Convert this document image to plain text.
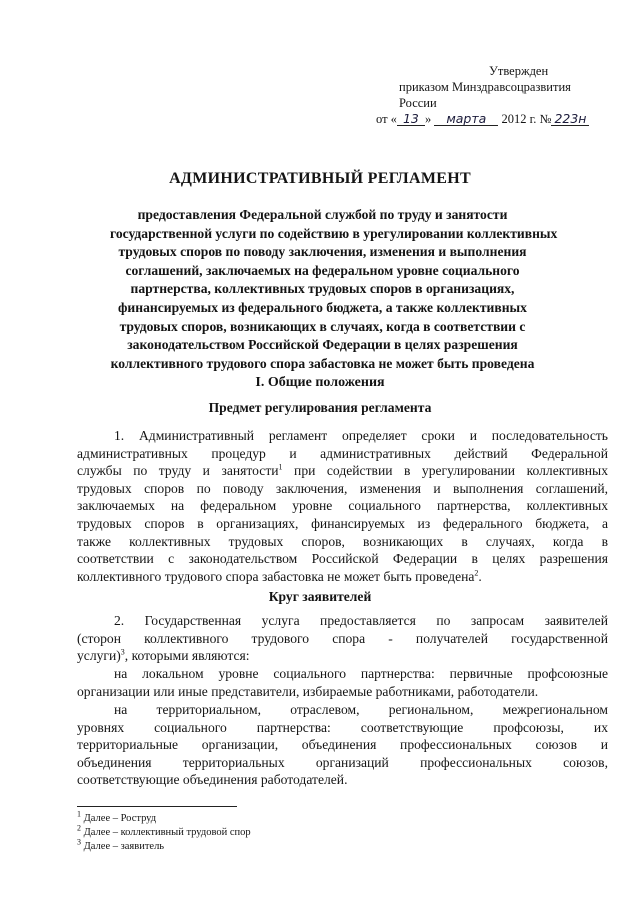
Утвержден
приказом Минздравсоцразвития России
от « 13 » марта 2012 г. № 223н
АДМИНИСТРАТИВНЫЙ РЕГЛАМЕНТ
предоставления Федеральной службой по труду и занятости
государственной услуги по содействию в урегулировании коллективных
трудовых споров по поводу заключения, изменения и выполнения
соглашений, заключаемых на федеральном уровне социального
партнерства, коллективных трудовых споров в организациях,
финансируемых из федерального бюджета, а также коллективных
трудовых споров, возникающих в случаях, когда в соответствии с
законодательством Российской Федерации в целях разрешения
коллективного трудового спора забастовка не может быть проведена
I. Общие положения
Предмет регулирования регламента
1. Административный регламент определяет сроки и последовательность
административных процедур и административных действий Федеральной
службы по труду и занятости$^1$ при содействии в урегулировании коллективных
трудовых споров по поводу заключения, изменения и выполнения соглашений,
заключаемых на федеральном уровне социального партнерства, коллективных
трудовых споров в организациях, финансируемых из федерального бюджета, а
также коллективных трудовых споров, возникающих в случаях, когда в
соответствии с законодательством Российской Федерации в целях разрешения
коллективного трудового спора забастовка не может быть проведена$^2$.
Круг заявителей
2. Государственная услуга предоставляется по запросам заявителей
(сторон коллективного трудового спора - получателей государственной
услуги)$^3$, которыми являются:
на локальном уровне социального партнерства: первичные профсоюзные
организации или иные представители, избираемые работниками, работодатели.
на территориальном, отраслевом, региональном, межрегиональном
уровнях социального партнерства: соответствующие профсоюзы, их
территориальные организации, объединения профессиональных союзов и
объединения территориальных организаций профессиональных союзов,
соответствующие объединения работодателей.
$^1$ Далее – Роструд
$^2$ Далее – коллективный трудовой спор
$^3$ Далее – заявитель
